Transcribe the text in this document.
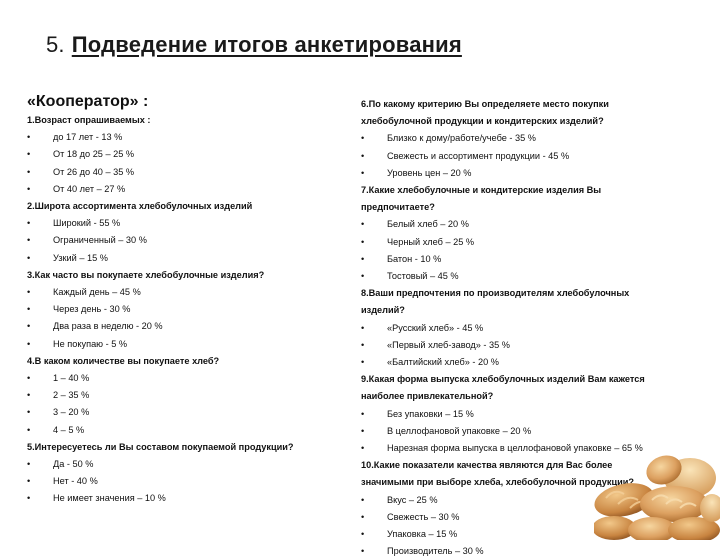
5. Подведение итогов анкетирования
«Кооператор» :
1.Возраст опрашиваемых :
• до 17 лет - 13 %
• От 18 до 25 – 25 %
• От 26 до 40 – 35 %
• От 40 лет – 27 %
2.Широта ассортимента хлебобулочных изделий
• Широкий - 55 %
• Ограниченный – 30 %
• Узкий – 15 %
3.Как часто вы покупаете хлебобулочные изделия?
• Каждый день – 45 %
• Через день - 30 %
• Два раза в неделю - 20 %
• Не покупаю - 5 %
4.В каком количестве вы покупаете хлеб?
• 1 – 40 %
• 2 – 35 %
• 3 – 20 %
• 4 – 5 %
5.Интересуетесь ли Вы составом покупаемой продукции?
• Да - 50 %
• Нет - 40 %
• Не имеет значения – 10 %
6.По какому критерию Вы определяете место покупки
хлебобулочной продукции и кондитерских изделий?
• Близко к дому/работе/учебе - 35 %
• Свежесть и ассортимент продукции - 45 %
• Уровень цен – 20 %
7.Какие хлебобулочные и кондитерские изделия Вы
предпочитаете?
• Белый хлеб – 20 %
• Черный хлеб – 25 %
• Батон - 10 %
• Тостовый – 45 %
8.Ваши предпочтения по производителям хлебобулочных
изделий?
• «Русский хлеб» - 45 %
• «Первый хлеб-завод» - 35 %
• «Балтийский хлеб» - 20 %
9.Какая форма выпуска хлебобулочных изделий Вам кажется
наиболее привлекательной?
• Без упаковки – 15 %
• В целлофановой упаковке – 20 %
• Нарезная форма выпуска в целлофановой упаковке – 65 %
10.Какие показатели качества являются для Вас более
значимыми при выборе хлеба, хлебобулочной продукции?
• Вкус – 25 %
• Свежесть – 30 %
• Упаковка – 15 %
• Производитель – 30 %
